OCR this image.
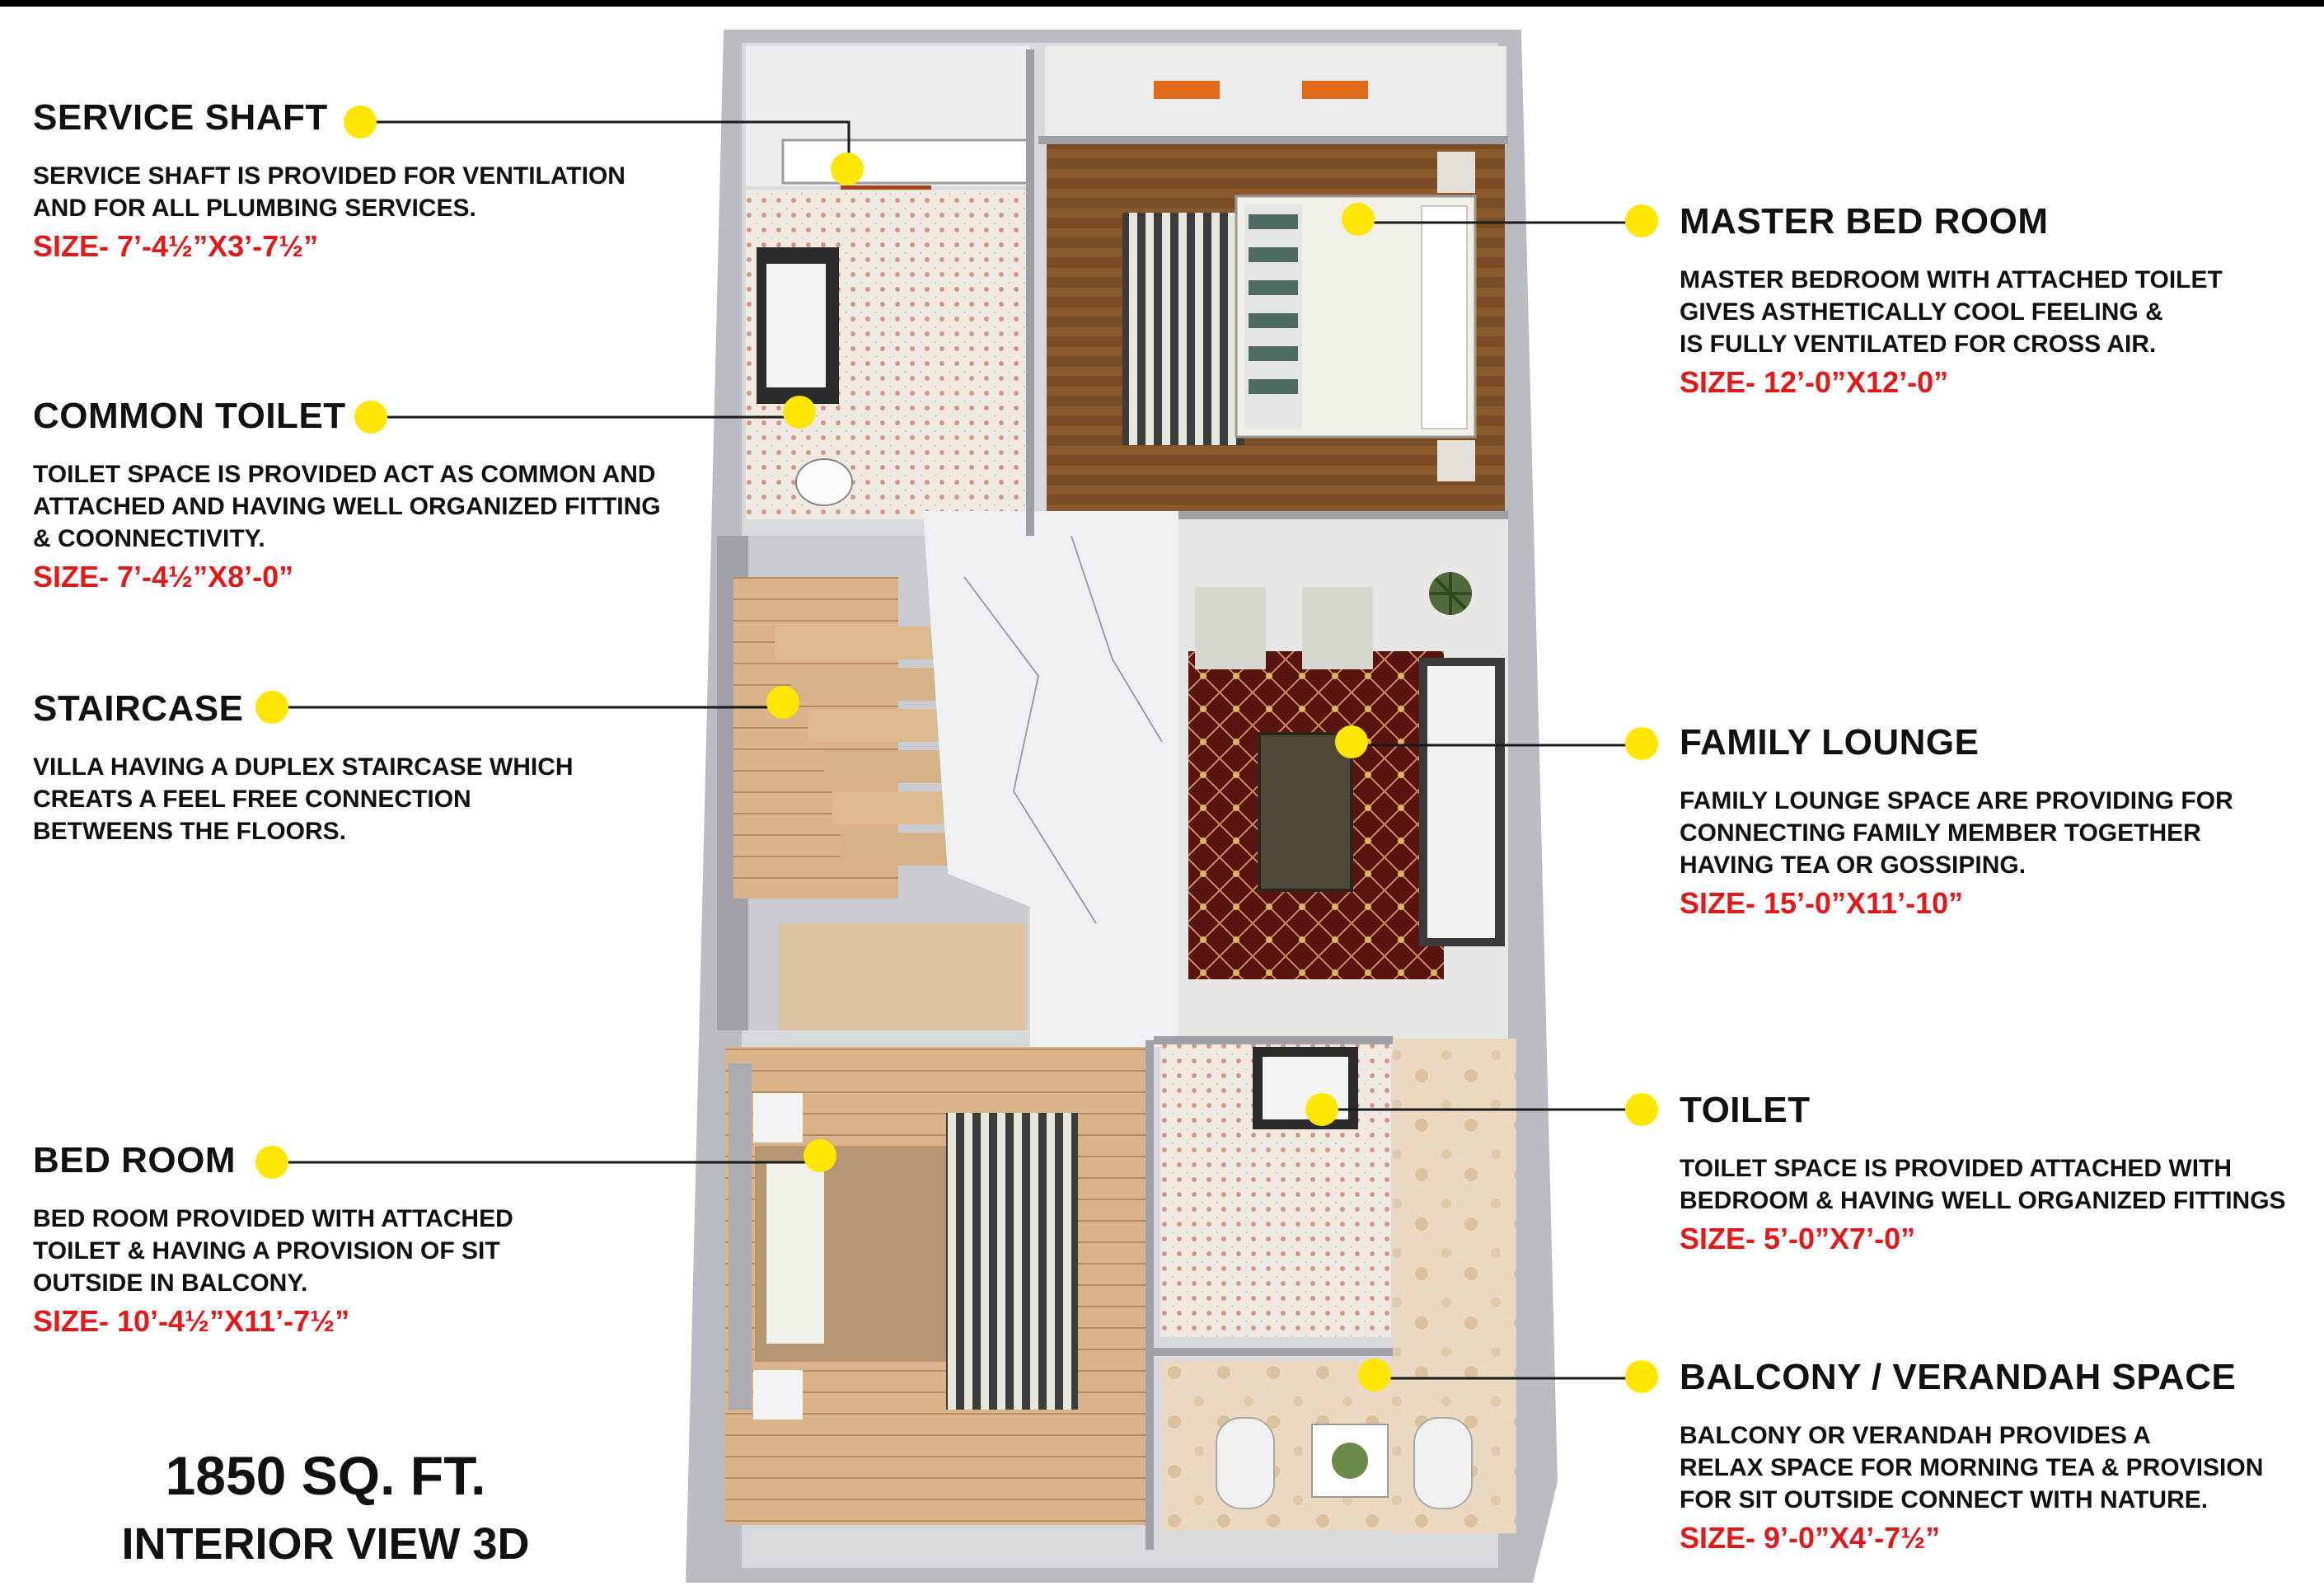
SERVICE SHAFT

SERVICE SHAFT IS PROVIDED FOR VENTILATION

AND FOR ALL PLUMBING SERVICES.

SIZE- 7’-4½”X3’-7½”
COMMON TOILET

TOILET SPACE IS PROVIDED ACT AS COMMON AND

ATTACHED AND HAVING WELL ORGANIZED FITTING

& COONNECTIVITY.

SIZE- 7’-4½”X8’-0”
STAIRCASE

VILLA HAVING A DUPLEX STAIRCASE WHICH

CREATS A FEEL FREE CONNECTION

BETWEENS THE FLOORS.

BED ROOM

BED ROOM PROVIDED WITH ATTACHED

TOILET & HAVING A PROVISION OF SIT

OUTSIDE IN BALCONY.

SIZE- 10’-4½”X11’-7½”
MASTER BED ROOM

MASTER BEDROOM WITH ATTACHED TOILET

GIVES ASTHETICALLY COOL FEELING &

IS FULLY VENTILATED FOR CROSS AIR.

SIZE- 12’-0”X12’-0”
FAMILY LOUNGE

FAMILY LOUNGE SPACE ARE PROVIDING FOR

CONNECTING FAMILY MEMBER TOGETHER

HAVING TEA OR GOSSIPING.

SIZE- 15’-0”X11’-10”
TOILET

TOILET SPACE IS PROVIDED ATTACHED WITH

BEDROOM & HAVING WELL ORGANIZED FITTINGS

SIZE- 5’-0”X7’-0”
BALCONY / VERANDAH SPACE

BALCONY OR VERANDAH PROVIDES A

RELAX SPACE FOR MORNING TEA & PROVISION

FOR SIT OUTSIDE CONNECT WITH NATURE.

SIZE- 9’-0”X4’-7½”
1850 SQ. FT.
INTERIOR VIEW 3D
